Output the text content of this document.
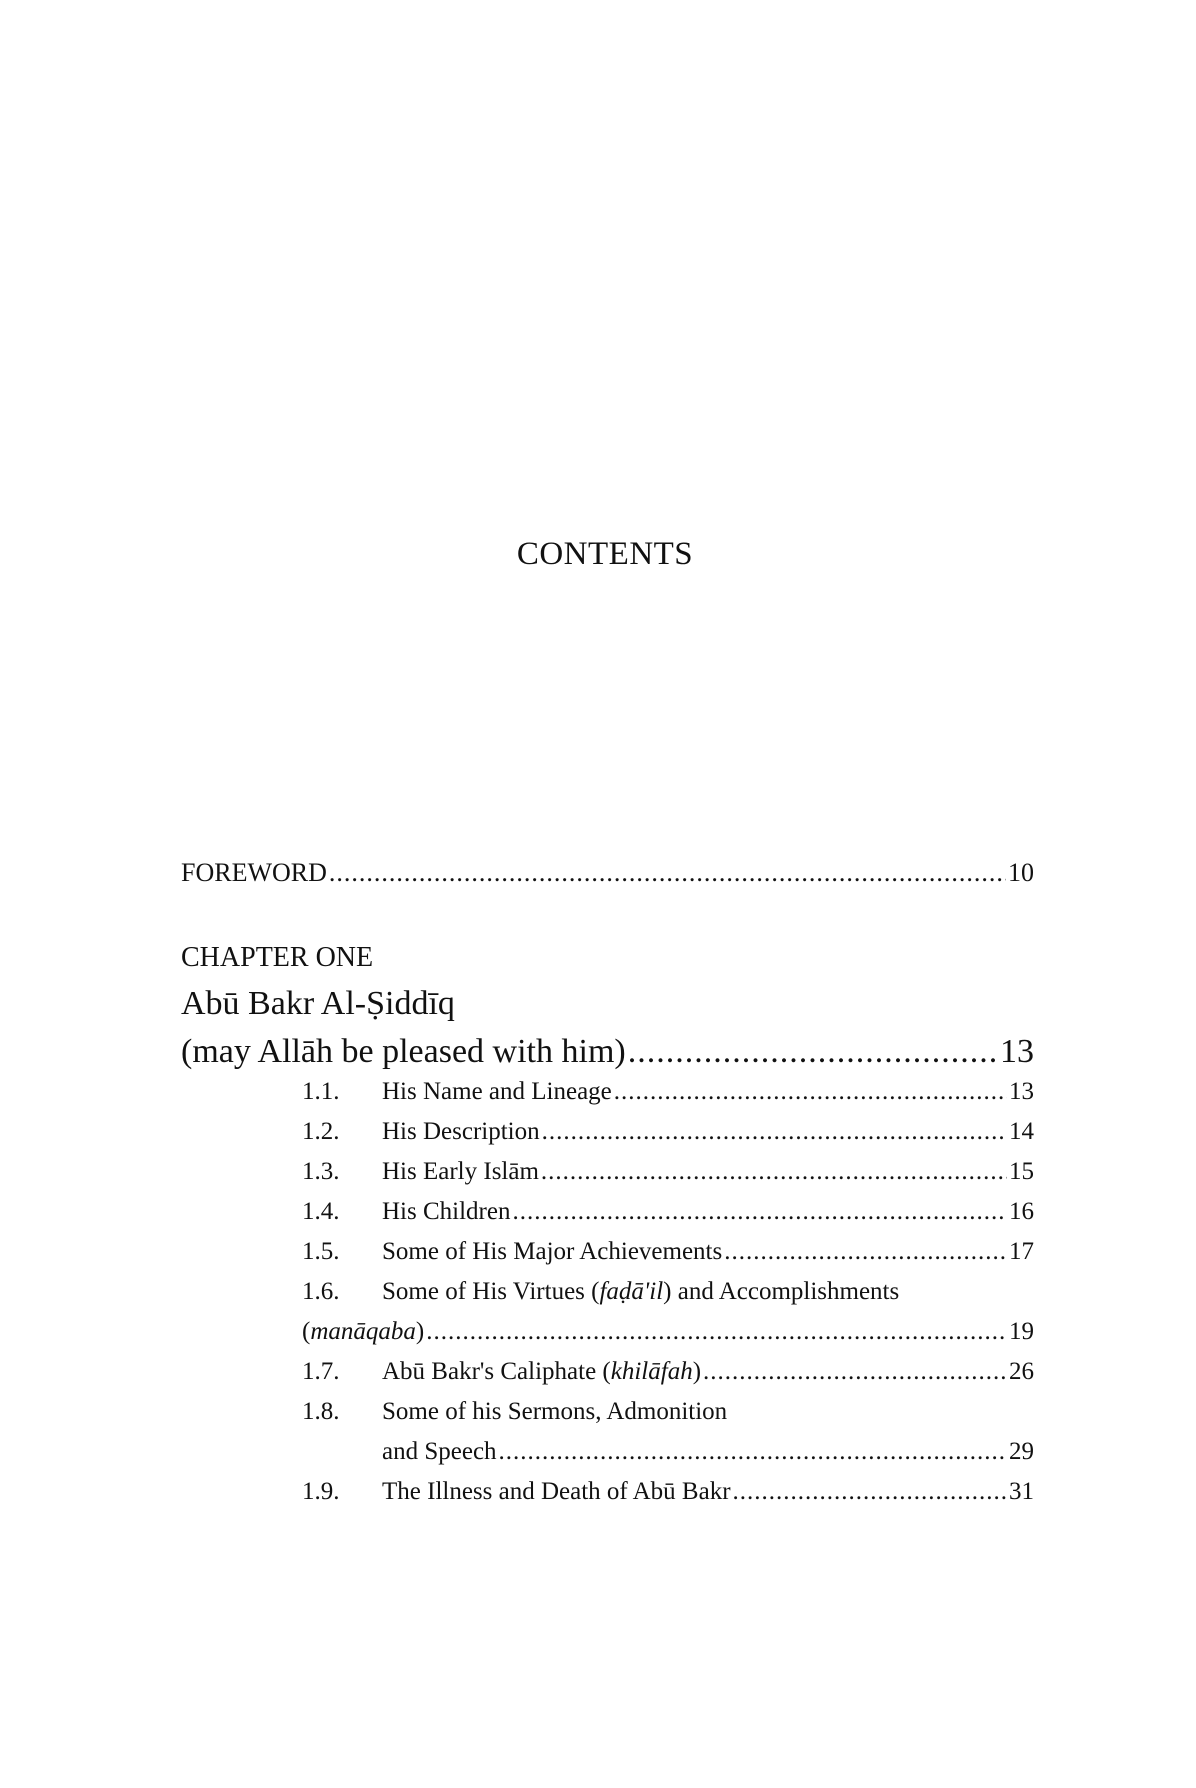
CONTENTS
FOREWORD .....	10
CHAPTER ONE
Abū Bakr Al-Ṣiddīq
(may Allāh be pleased with him) .....	13
1.1. His Name and Lineage .....	13
1.2. His Description .....	14
1.3. His Early Islām .....	15
1.4. His Children .....	16
1.5. Some of His Major Achievements .....	17
1.6. Some of His Virtues (faḍā'il) and Accomplishments
(manāqaba) .....	19
1.7. Abū Bakr's Caliphate (khilāfah) .....	26
1.8. Some of his Sermons, Admonition
and Speech .....	29
1.9. The Illness and Death of Abū Bakr .....	31
